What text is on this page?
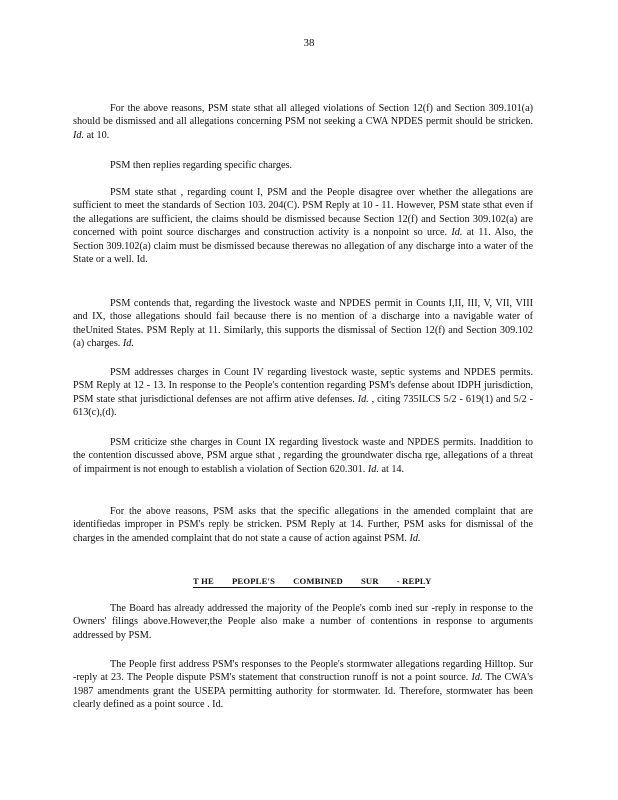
38

For the above reasons, PSM state sthat all alleged violations of Section 12(f) and Section 309.101(a) should be dismissed and all allegations concerning PSM not seeking a CWA NPDES permit should be stricken. Id. at 10.

PSM then replies regarding specific charges.

PSM state sthat , regarding count I, PSM and the People disagree over whether the allegations are sufficient to meet the standards of Section 103. 204(C). PSM Reply at 10 - 11. However, PSM state sthat even if the allegations are sufficient, the claims should be dismissed because Section 12(f) and Section 309.102(a) are concerned with point source discharges and construction activity is a nonpoint so urce. Id. at 11. Also, the Section 309.102(a) claim must be dismissed because therewas no allegation of any discharge into a water of the State or a well. Id.

PSM contends that, regarding the livestock waste and NPDES permit in Counts I,II, III, V, VII, VIII and IX, those allegations should fail because there is no mention of a discharge into a navigable water of theUnited States. PSM Reply at 11. Similarly, this supports the dismissal of Section 12(f) and Section 309.102 (a) charges. Id.

PSM addresses charges in Count IV regarding livestock waste, septic systems and NPDES permits. PSM Reply at 12 - 13. In response to the People's contention regarding PSM's defense about IDPH jurisdiction, PSM state sthat jurisdictional defenses are not affirm ative defenses. Id. , citing 735ILCS 5/2 - 619(1) and 5/2 - 613(c),(d).

PSM criticize sthe charges in Count IX regarding livestock waste and NPDES permits. Inaddition to the contention discussed above, PSM argue sthat , regarding the groundwater discha rge, allegations of a threat of impairment is not enough to establish a violation of Section 620.301. Id. at 14.

For the above reasons, PSM asks that the specific allegations in the amended complaint that are identifiedas improper in PSM's reply be stricken. PSM Reply at 14. Further, PSM asks for dismissal of the charges in the amended complaint that do not state a cause of action against PSM. Id.

T HE PEOPLE'S COMBINED SUR - REPLY

The Board has already addressed the majority of the People's comb ined sur -reply in response to the Owners' filings above.However,the People also make a number of contentions in response to arguments addressed by PSM.

The People first address PSM's responses to the People's stormwater allegations regarding Hilltop. Sur -reply at 23. The People dispute PSM's statement that construction runoff is not a point source. Id. The CWA's 1987 amendments grant the USEPA permitting authority for stormwater. Id. Therefore, stormwater has been clearly defined as a point source . Id.
